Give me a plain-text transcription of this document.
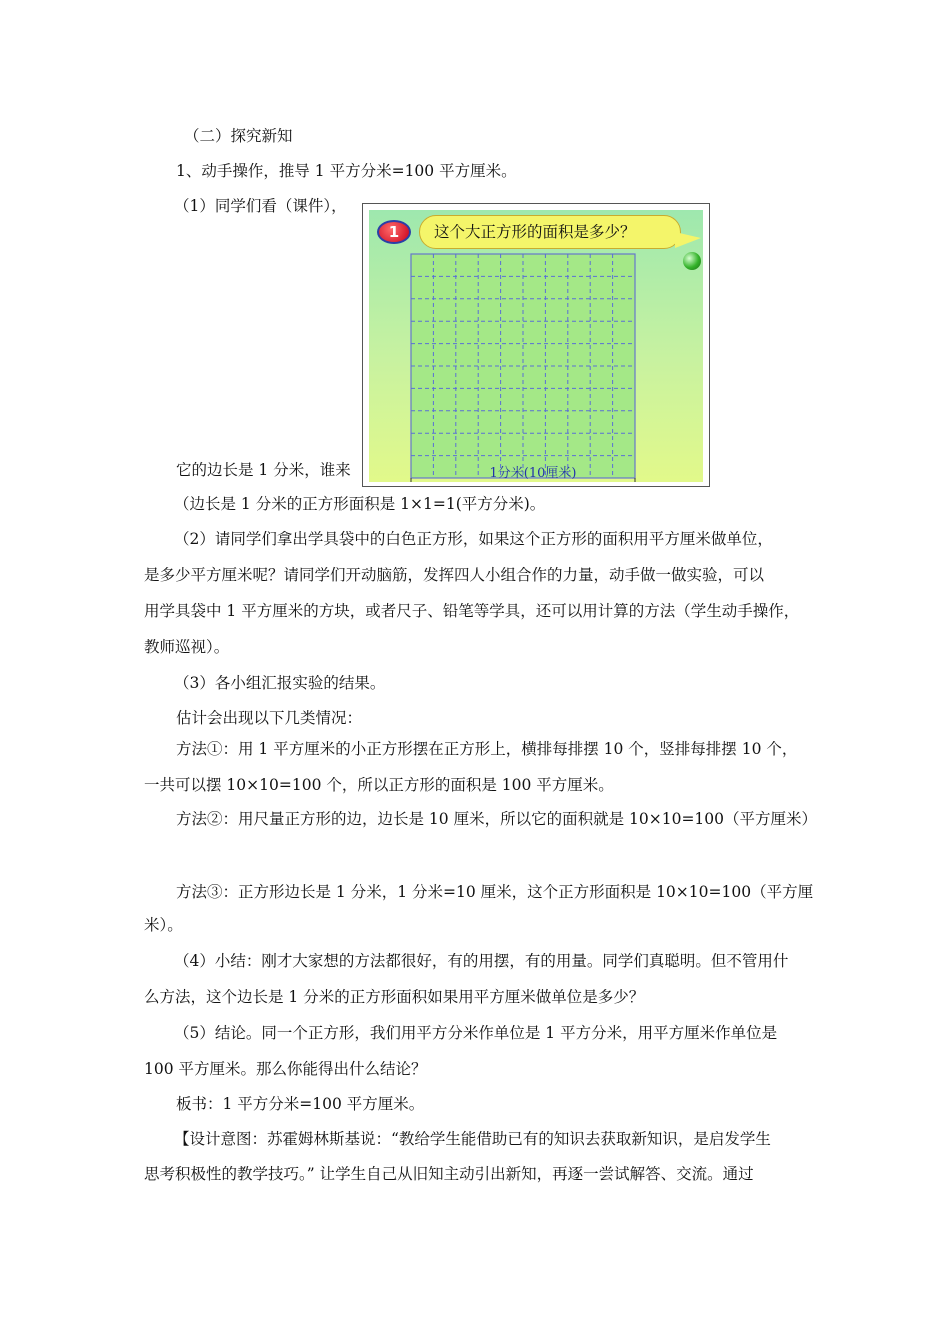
（二）探究新知
1、动手操作，推导 1 平方分米=100 平方厘米。
（1）同学们看（课件），
它的边长是 1 分米，谁来
（边长是 1 分米的正方形面积是 1×1=1(平方分米)。
（2）请同学们拿出学具袋中的白色正方形，如果这个正方形的面积用平方厘米做单位，
是多少平方厘米呢？请同学们开动脑筋，发挥四人小组合作的力量，动手做一做实验，可以
用学具袋中 1 平方厘米的方块，或者尺子、铅笔等学具，还可以用计算的方法（学生动手操作，
教师巡视）。
（3）各小组汇报实验的结果。
估计会出现以下几类情况：
方法①：用 1 平方厘米的小正方形摆在正方形上，横排每排摆 10 个，竖排每排摆 10 个，
一共可以摆 10×10=100 个，所以正方形的面积是 100 平方厘米。
方法②：用尺量正方形的边，边长是 10 厘米，所以它的面积就是 10×10=100（平方厘米）
方法③：正方形边长是 1 分米，1 分米=10 厘米，这个正方形面积是 10×10=100（平方厘
米）。
（4）小结：刚才大家想的方法都很好，有的用摆，有的用量。同学们真聪明。但不管用什
么方法，这个边长是 1 分米的正方形面积如果用平方厘米做单位是多少？
（5）结论。同一个正方形，我们用平方分米作单位是 1 平方分米，用平方厘米作单位是
100 平方厘米。那么你能得出什么结论？
板书：1 平方分米=100 平方厘米。
【设计意图：苏霍姆林斯基说：“教给学生能借助已有的知识去获取新知识，是启发学生
思考积极性的教学技巧。” 让学生自己从旧知主动引出新知，再逐一尝试解答、交流。通过
这个大正方形的面积是多少？
1
1分米(10厘米)
